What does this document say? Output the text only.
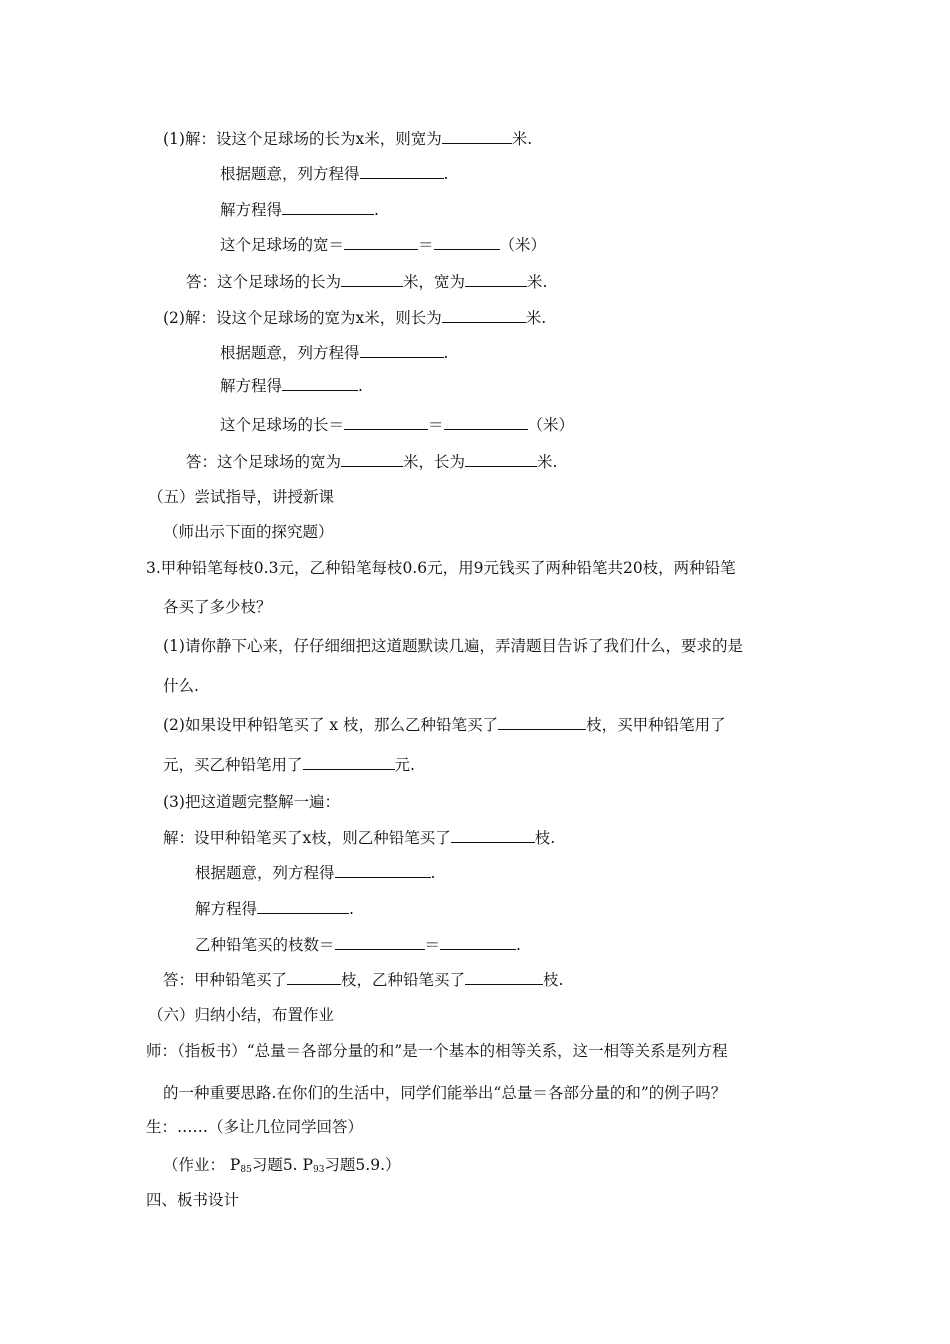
(1)解：设这个足球场的长为x米，则宽为	米.
根据题意，列方程得	.
解方程得	.
这个足球场的宽＝	＝	（米）
答：这个足球场的长为	米，宽为	米.
(2)解：设这个足球场的宽为x米，则长为	米.
根据题意，列方程得	.
解方程得	.
这个足球场的长＝	＝	（米）
答：这个足球场的宽为	米，长为	米.
（五）尝试指导，讲授新课
（师出示下面的探究题）
3.甲种铅笔每枝0.3元，乙种铅笔每枝0.6元，用9元钱买了两种铅笔共20枝，两种铅笔
各买了多少枝？
(1)请你静下心来，仔仔细细把这道题默读几遍，弄清题目告诉了我们什么，要求的是
什么.
(2)如果设甲种铅笔买了 x 枝，那么乙种铅笔买了	枝，买甲种铅笔用了
元，买乙种铅笔用了	元.
(3)把这道题完整解一遍：
解：设甲种铅笔买了x枝，则乙种铅笔买了	枝.
根据题意，列方程得	.
解方程得	.
乙种铅笔买的枝数＝	＝	.
答：甲种铅笔买了	枝，乙种铅笔买了	枝.
（六）归纳小结，布置作业
师：（指板书）“总量＝各部分量的和”是一个基本的相等关系，这一相等关系是列方程
的一种重要思路.在你们的生活中，同学们能举出“总量＝各部分量的和”的例子吗？
生：……（多让几位同学回答）
（作业： $P_{85}$习题5. $P_{93}$习题5.9.）
四、板书设计
